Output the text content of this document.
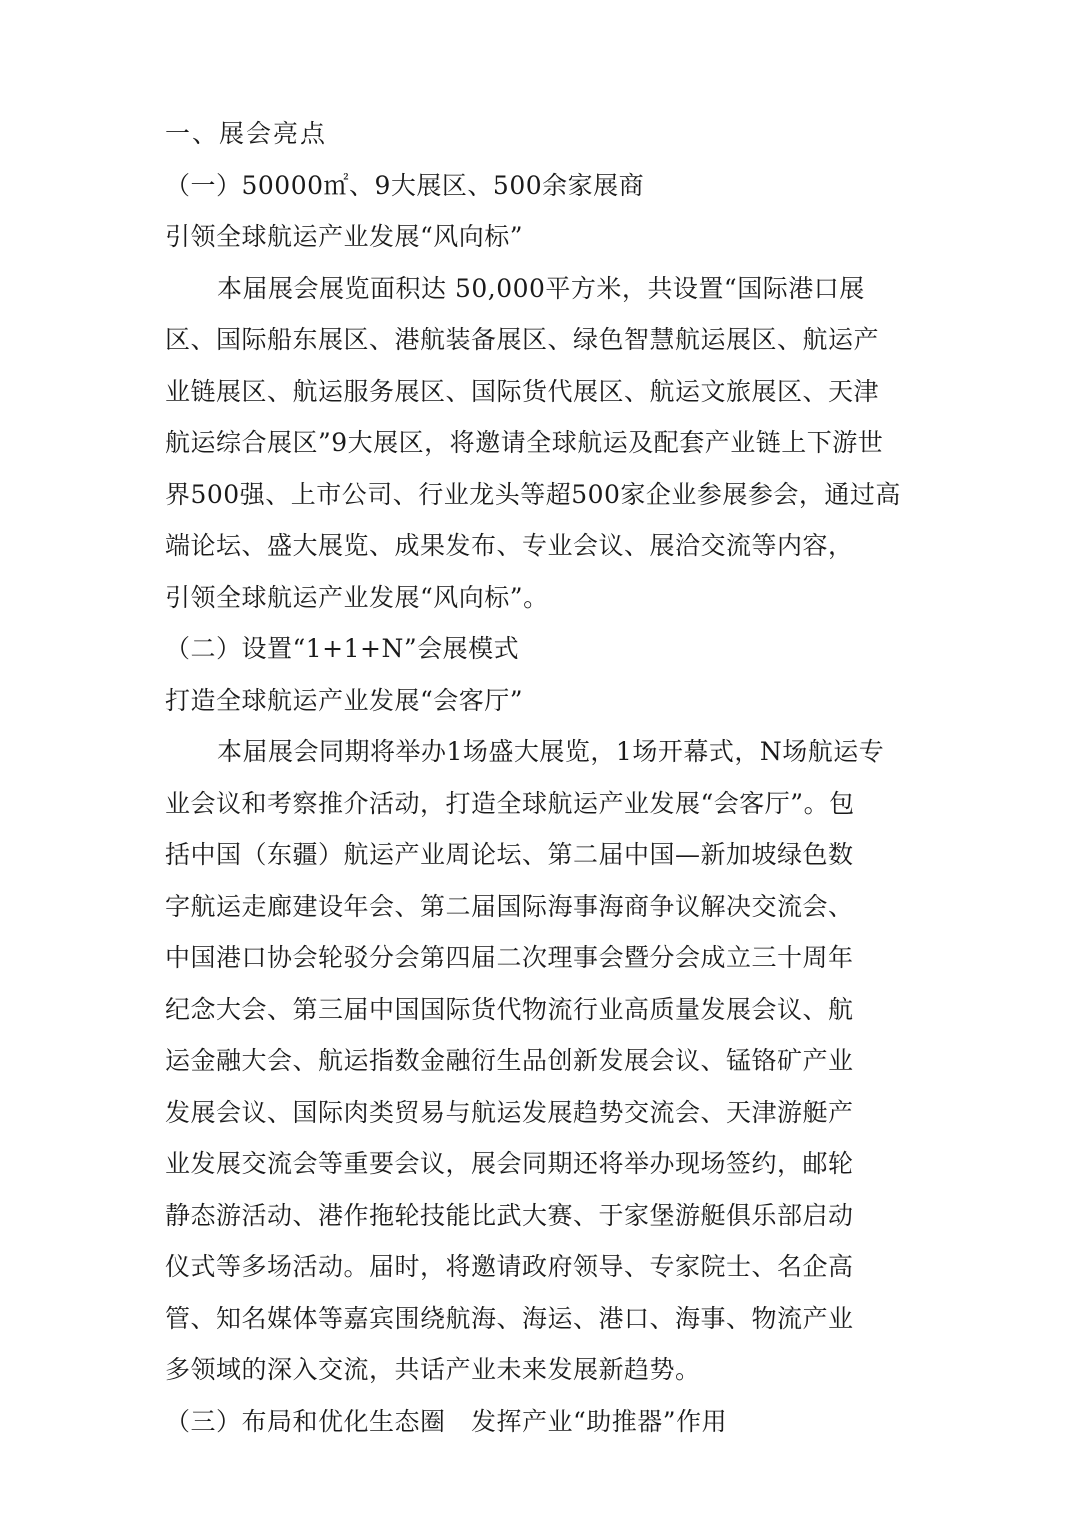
一、展会亮点
（一）50000㎡、9大展区、500余家展商
引领全球航运产业发展“风向标”
本届展会展览面积达 50,000平方米，共设置“国际港口展
区、国际船东展区、港航装备展区、绿色智慧航运展区、航运产
业链展区、航运服务展区、国际货代展区、航运文旅展区、天津
航运综合展区”9大展区，将邀请全球航运及配套产业链上下游世
界500强、上市公司、行业龙头等超500家企业参展参会，通过高
端论坛、盛大展览、成果发布、专业会议、展洽交流等内容，
引领全球航运产业发展“风向标”。
（二）设置“1+1+N”会展模式
打造全球航运产业发展“会客厅”
本届展会同期将举办1场盛大展览，1场开幕式，N场航运专
业会议和考察推介活动，打造全球航运产业发展“会客厅”。包
括中国（东疆）航运产业周论坛、第二届中国—新加坡绿色数
字航运走廊建设年会、第二届国际海事海商争议解决交流会、
中国港口协会轮驳分会第四届二次理事会暨分会成立三十周年
纪念大会、第三届中国国际货代物流行业高质量发展会议、航
运金融大会、航运指数金融衍生品创新发展会议、锰铬矿产业
发展会议、国际肉类贸易与航运发展趋势交流会、天津游艇产
业发展交流会等重要会议，展会同期还将举办现场签约，邮轮
静态游活动、港作拖轮技能比武大赛、于家堡游艇俱乐部启动
仪式等多场活动。届时，将邀请政府领导、专家院士、名企高
管、知名媒体等嘉宾围绕航海、海运、港口、海事、物流产业
多领域的深入交流，共话产业未来发展新趋势。
（三）布局和优化生态圈　发挥产业“助推器”作用
